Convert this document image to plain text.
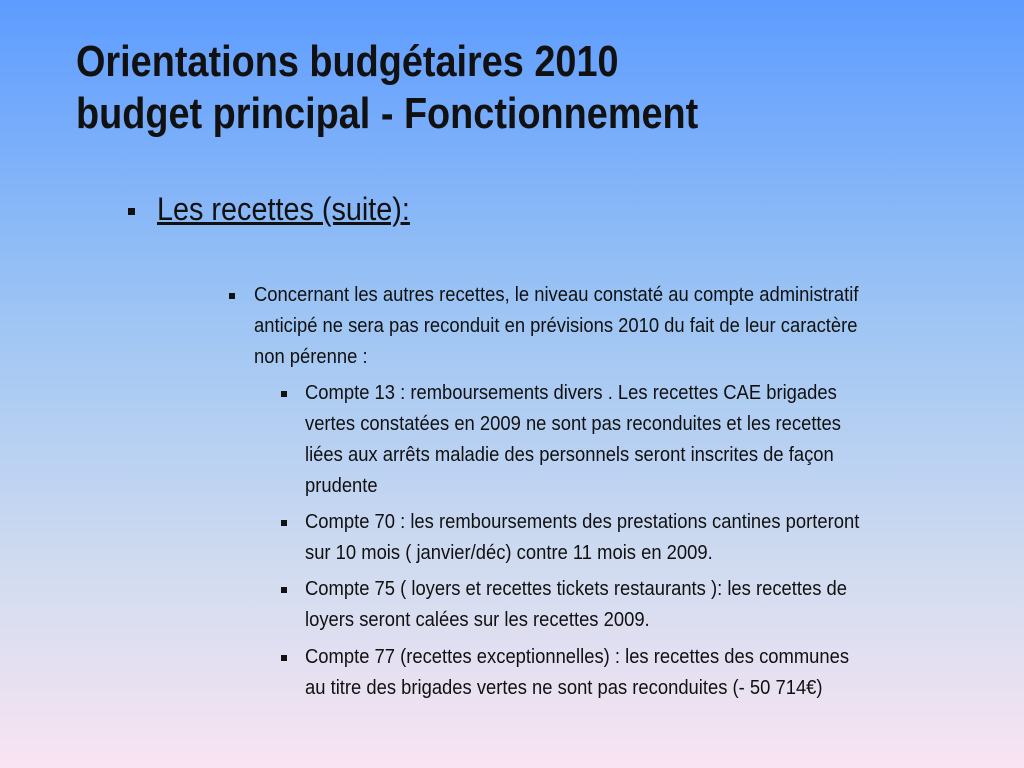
Orientations budgétaires 2010
budget principal - Fonctionnement
Les recettes (suite):
Concernant les autres recettes, le niveau constaté au compte administratif
anticipé ne sera pas reconduit en prévisions 2010 du fait de leur caractère
non pérenne :
Compte 13 : remboursements divers . Les recettes CAE brigades
vertes constatées en 2009 ne sont pas reconduites et les recettes
liées aux arrêts maladie des personnels seront inscrites de façon
prudente
Compte 70 : les remboursements des prestations cantines porteront
sur 10 mois ( janvier/déc) contre 11 mois en 2009.
Compte 75 ( loyers et recettes tickets restaurants ): les recettes de
loyers seront calées sur les recettes 2009.
Compte 77 (recettes exceptionnelles) : les recettes des communes
au titre des brigades vertes ne sont pas reconduites (- 50 714€)
